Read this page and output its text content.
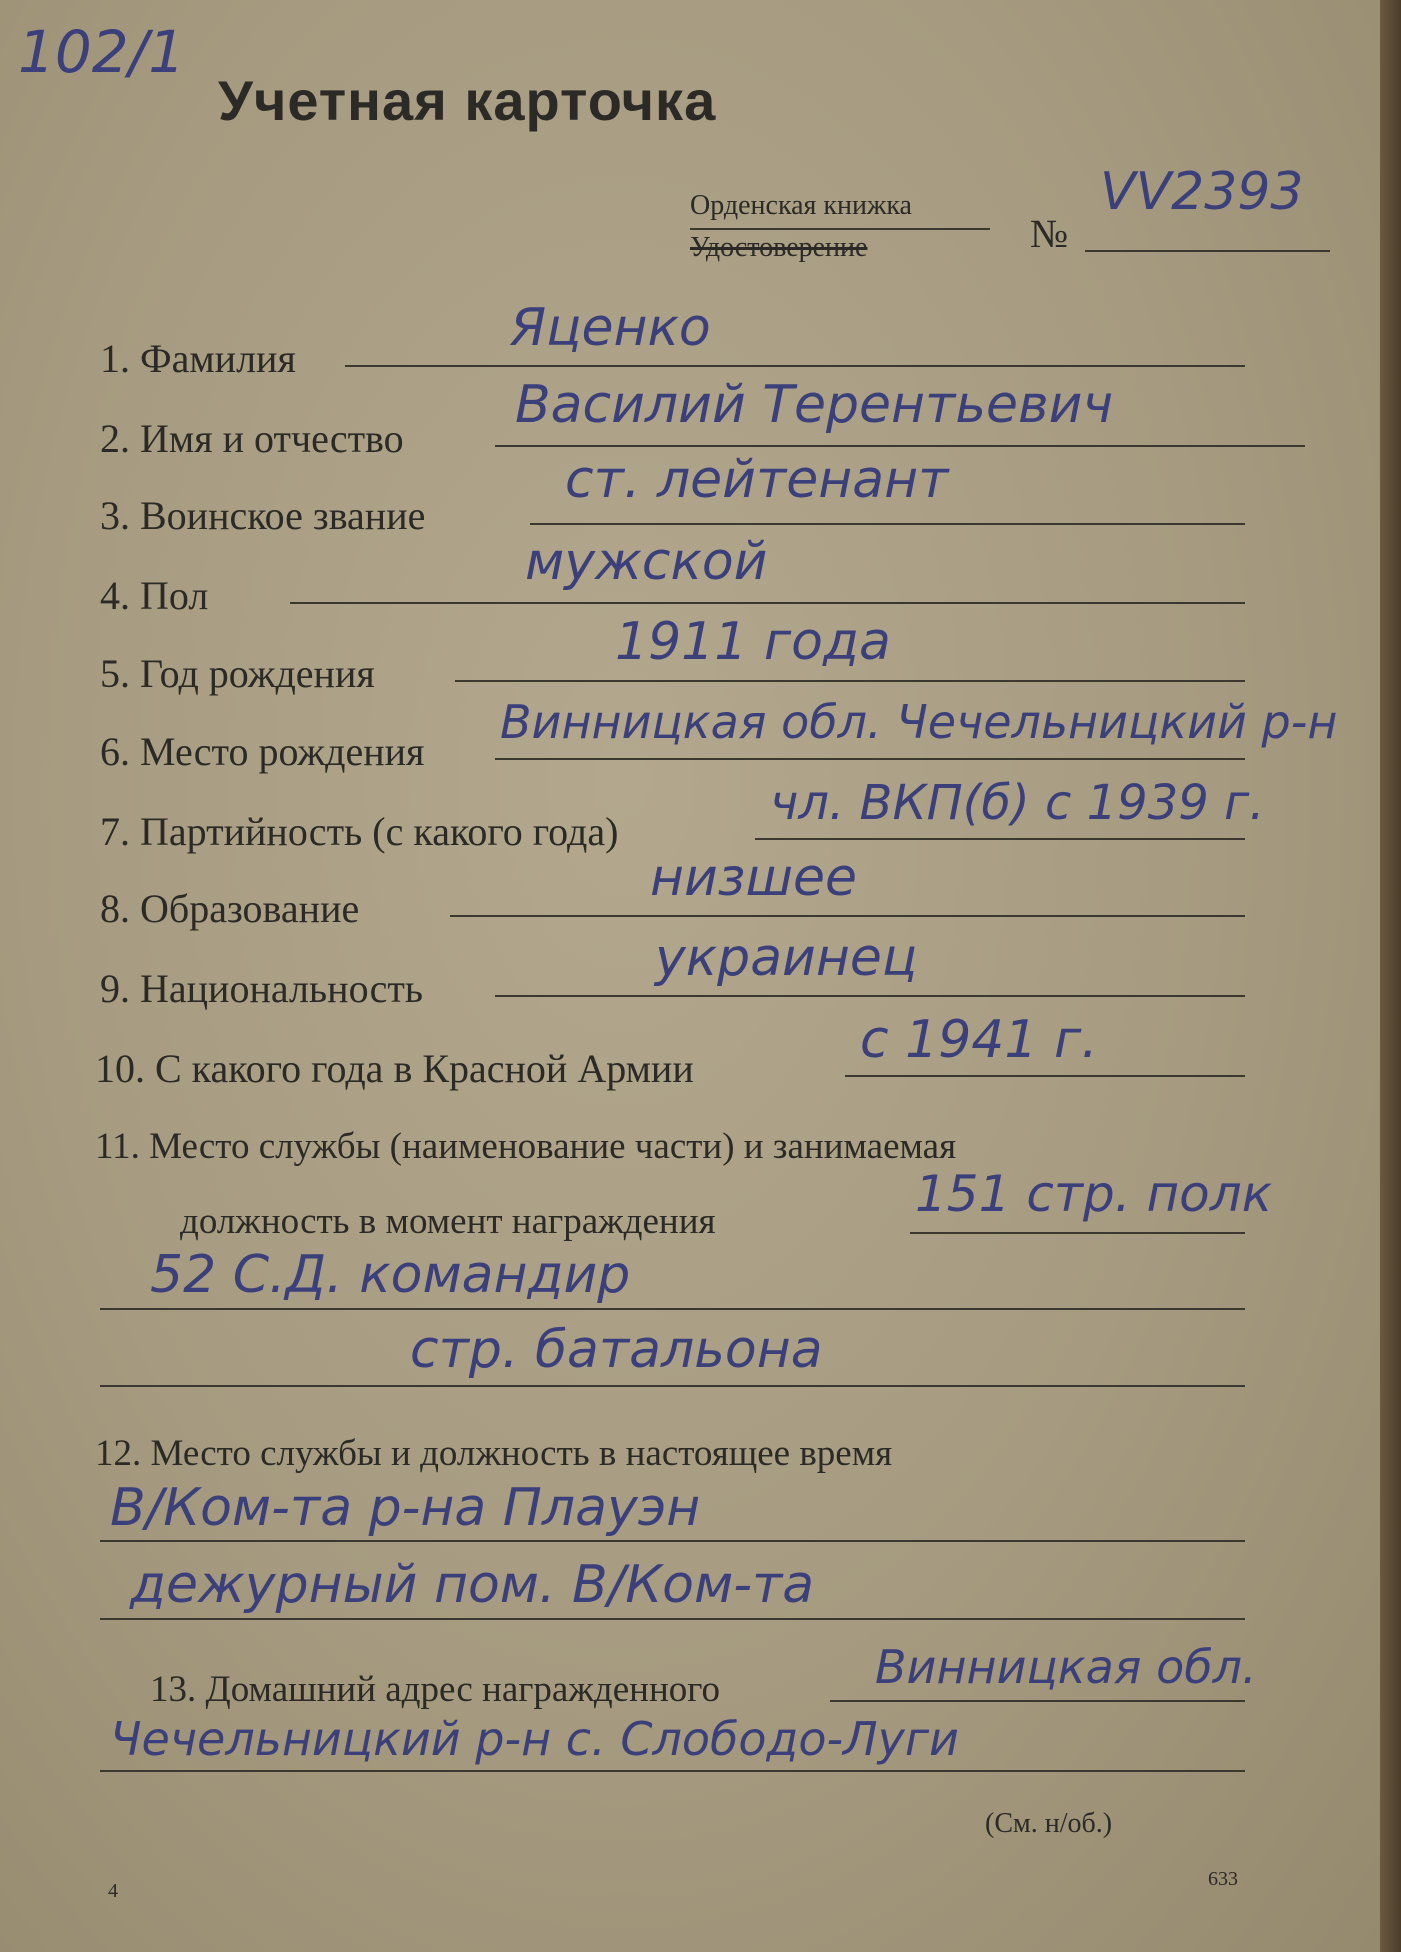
102/1
Учетная карточка
Орденская книжка
Удостоверение	№
VV2393
1. Фамилия
Яценко
2. Имя и отчество
Василий Терентьевич
3. Воинское звание
ст. лейтенант
4. Пол
мужской
5. Год рождения
1911 года
6. Место рождения
Винницкая обл. Чечельницкий р-н
7. Партийность (с какого года)
чл. ВКП(б) с 1939 г.
8. Образование
низшее
9. Национальность
украинец
10. С какого года в Красной Армии	с 1941 г.
11. Место службы (наименование части) и занимаемая
должность в момент награждения	151 стр. полк
52 С.Д. командир
стр. батальона
12. Место службы и должность в настоящее время
В/Ком-та р-на Плауэн
дежурный пом. В/Ком-та
13. Домашний адрес награжденного	Винницкая обл.
Чечельницкий р-н с. Слободо-Луги
(См. н/об.)
4
633
